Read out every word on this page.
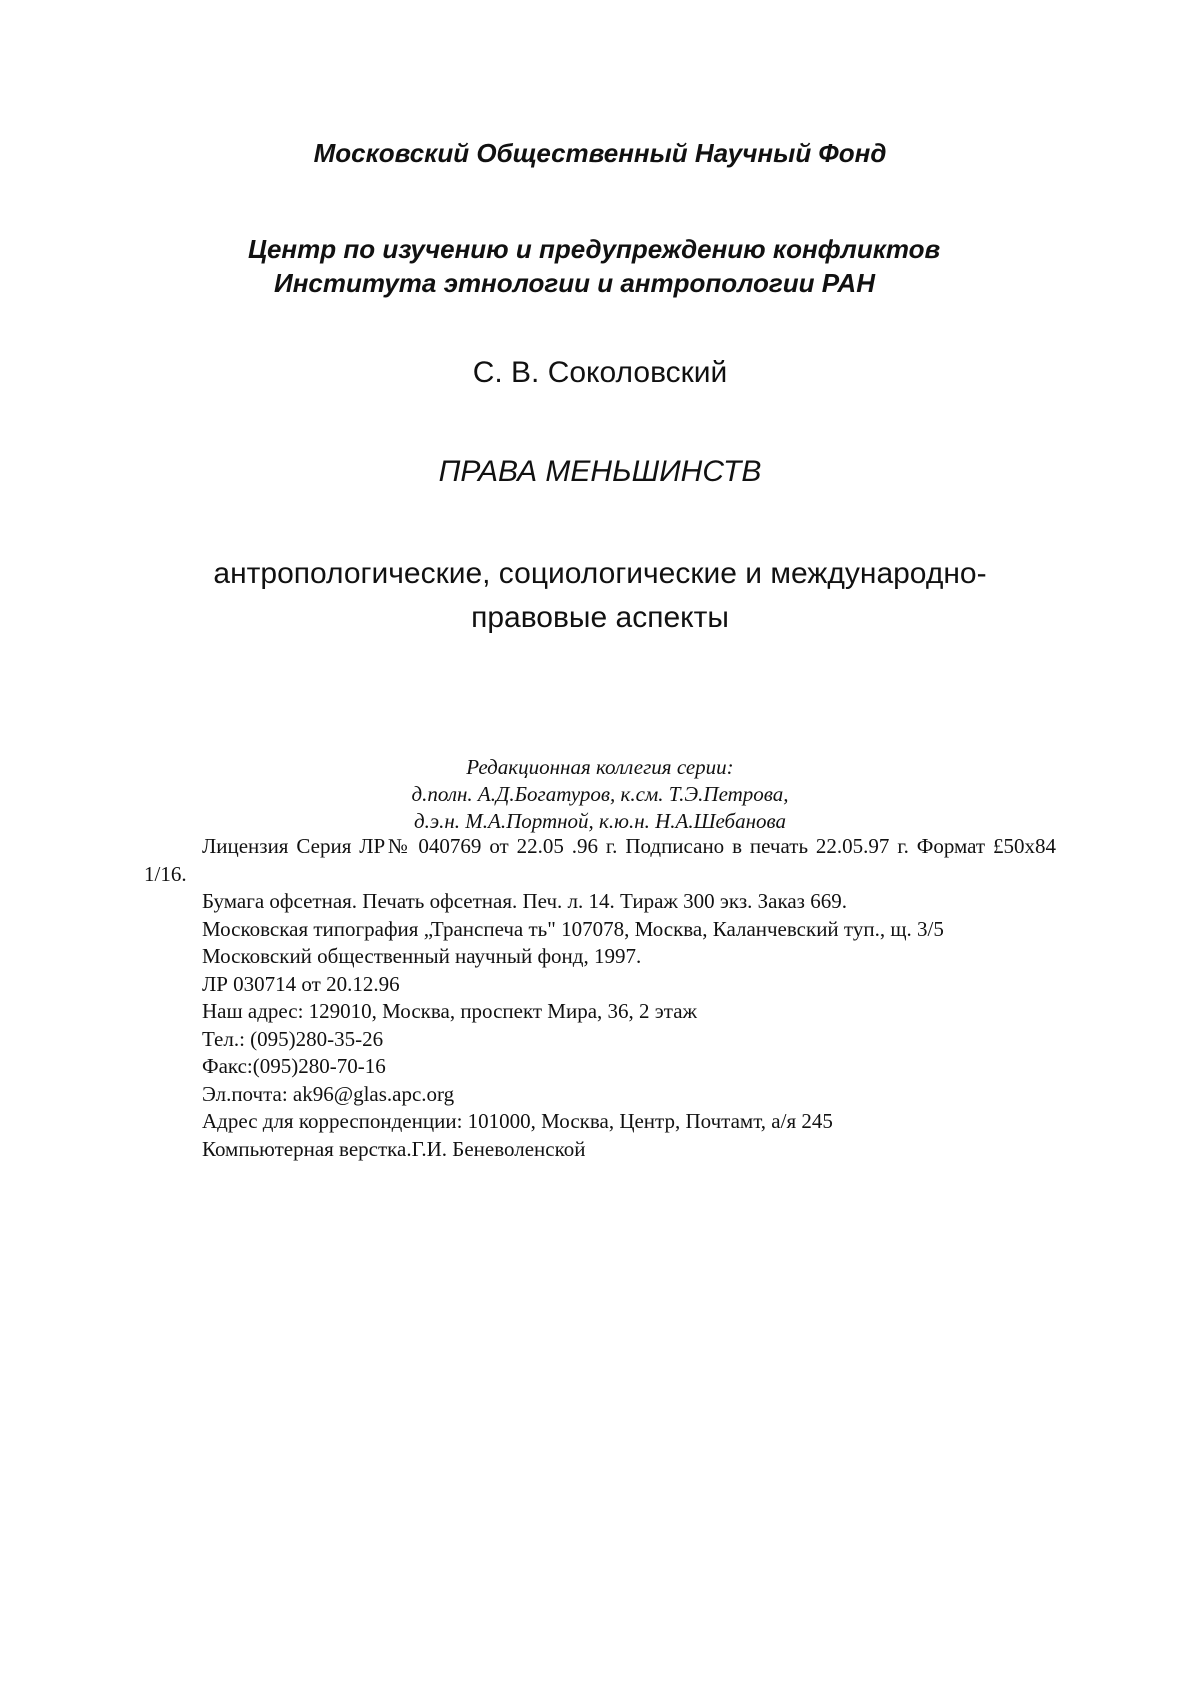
Московский Общественный Научный Фонд
Центр по изучению и предупреждению конфликтов
Института этнологии и антропологии РАН
С. В. Соколовский
ПРАВА МЕНЬШИНСТВ
антропологические, социологические и международно-
правовые аспекты
Редакционная коллегия серии:
д.полн. А.Д.Богатуров, к.см. Т.Э.Петрова,
д.э.н. М.А.Портной, к.ю.н. Н.А.Шебанова

Лицензия Серия ЛР№ 040769 от 22.05 .96 г. Подписано в печать 22.05.97 г. Формат £50x84 1/16.

Бумага офсетная. Печать офсетная. Печ. л. 14. Тираж 300 экз. Заказ 669.

Московская типография „Транспеча ть" 107078, Москва, Каланчевский туп., щ. 3/5

Московский общественный научный фонд, 1997.

ЛР 030714 от 20.12.96

Наш адрес: 129010, Москва, проспект Мира, 36, 2 этаж

Тел.: (095)280-35-26

Факс:(095)280-70-16

Эл.почта: ak96@glas.apc.org

Адрес для корреспонденции: 101000, Москва, Центр, Почтамт, а/я 245

Компьютерная верстка.Г.И. Беневоленской
